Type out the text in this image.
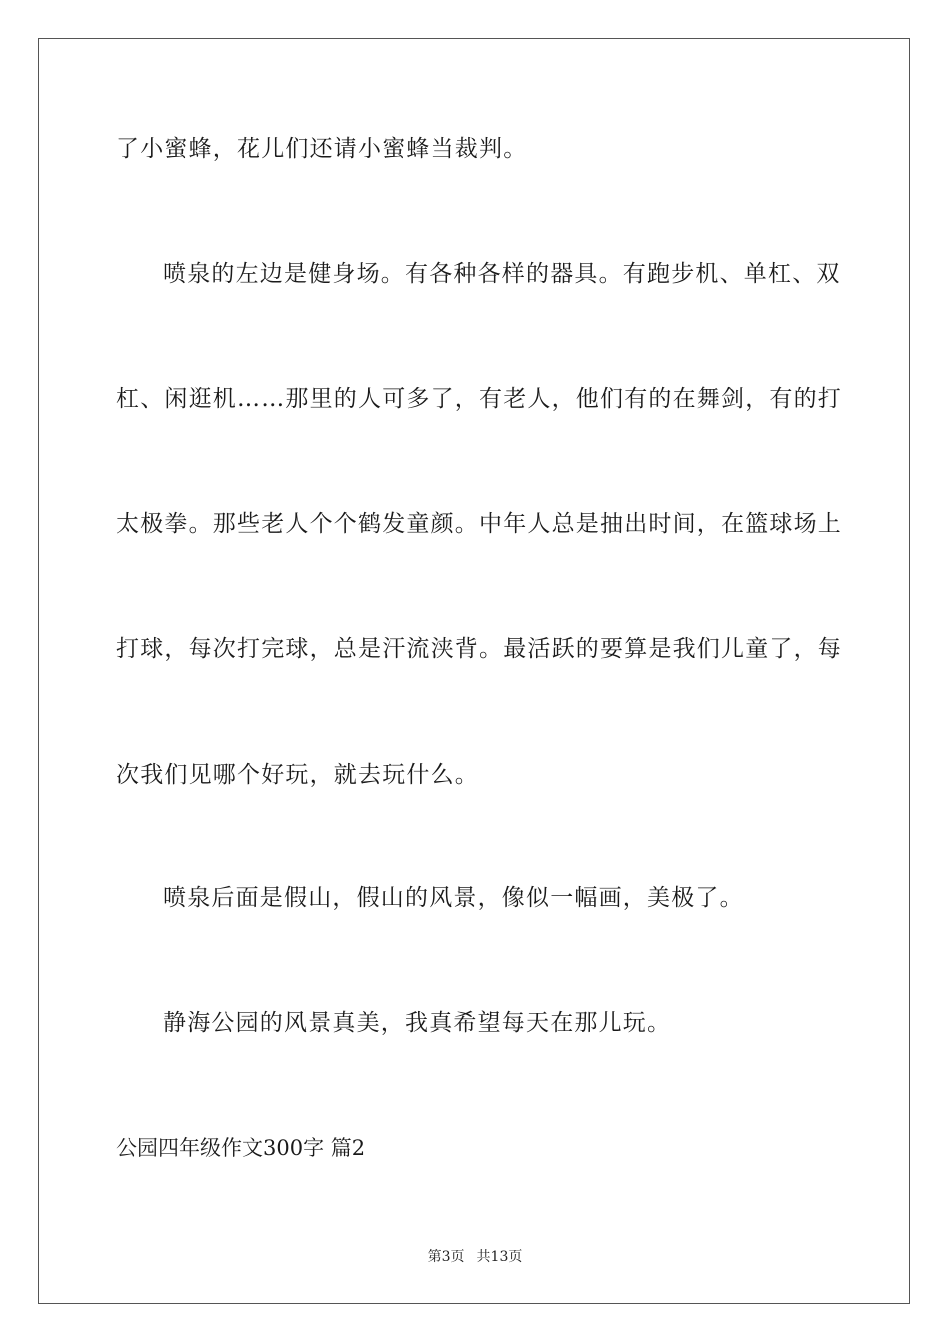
了小蜜蜂，花儿们还请小蜜蜂当裁判。
喷泉的左边是健身场。有各种各样的器具。有跑步机、单杠、双
杠、闲逛机……那里的人可多了，有老人，他们有的在舞剑，有的打
太极拳。那些老人个个鹤发童颜。中年人总是抽出时间，在篮球场上
打球，每次打完球，总是汗流浃背。最活跃的要算是我们儿童了，每
次我们见哪个好玩，就去玩什么。
喷泉后面是假山，假山的风景，像似一幅画，美极了。
静海公园的风景真美，我真希望每天在那儿玩。
公园四年级作文300字 篇2
第3页 共13页
